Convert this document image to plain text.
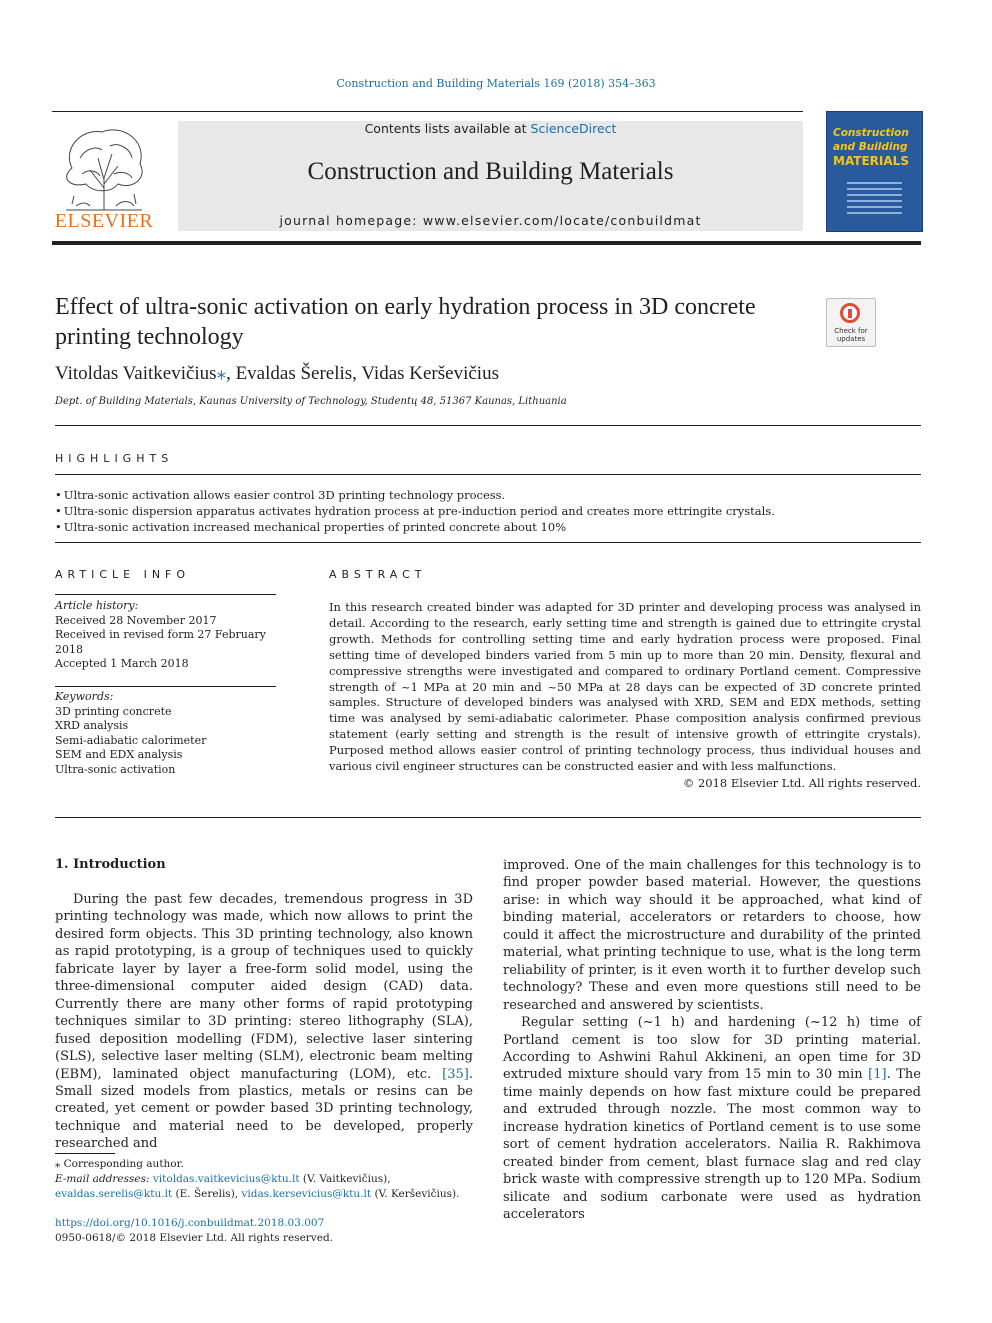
Construction and Building Materials 169 (2018) 354–363
ELSEVIER
Contents lists available at ScienceDirect
Construction and Building Materials
journal homepage: www.elsevier.com/locate/conbuildmat
Construction
and Building
MATERIALS
Effect of ultra-sonic activation on early hydration process in 3D concrete printing technology	Check for updates
Vitoldas Vaitkevičius⁎, Evaldas Šerelis, Vidas Kerševičius
Dept. of Building Materials, Kaunas University of Technology, Studentų 48, 51367 Kaunas, Lithuania
HIGHLIGHTS
• Ultra-sonic activation allows easier control 3D printing technology process.
• Ultra-sonic dispersion apparatus activates hydration process at pre-induction period and creates more ettringite crystals.
• Ultra-sonic activation increased mechanical properties of printed concrete about 10%
ARTICLE INFO	ABSTRACT
Article history:
Received 28 November 2017
Received in revised form 27 February 2018
Accepted 1 March 2018
Keywords:
3D printing concrete
XRD analysis
Semi-adiabatic calorimeter
SEM and EDX analysis
Ultra-sonic activation
In this research created binder was adapted for 3D printer and developing process was analysed in detail. According to the research, early setting time and strength is gained due to ettringite crystal growth. Methods for controlling setting time and early hydration process were proposed. Final setting time of developed binders varied from 5 min up to more than 20 min. Density, flexural and compressive strengths were investigated and compared to ordinary Portland cement. Compressive strength of ~1 MPa at 20 min and ~50 MPa at 28 days can be expected of 3D concrete printed samples. Structure of developed binders was analysed with XRD, SEM and EDX methods, setting time was analysed by semi-adiabatic calorimeter. Phase composition analysis confirmed previous statement (early setting and strength is the result of intensive growth of ettringite crystals). Purposed method allows easier control of printing technology process, thus individual houses and various civil engineer structures can be constructed easier and with less malfunctions.
© 2018 Elsevier Ltd. All rights reserved.
1. Introduction

During the past few decades, tremendous progress in 3D printing technology was made, which now allows to print the desired form objects. This 3D printing technology, also known as rapid prototyping, is a group of techniques used to quickly fabricate layer by layer a free-form solid model, using the three-dimensional computer aided design (CAD) data. Currently there are many other forms of rapid prototyping techniques similar to 3D printing: stereo lithography (SLA), fused deposition modelling (FDM), selective laser sintering (SLS), selective laser melting (SLM), electronic beam melting (EBM), laminated object manufacturing (LOM), etc. [35]. Small sized models from plastics, metals or resins can be created, yet cement or powder based 3D printing technology, technique and material need to be developed, properly researched and

improved. One of the main challenges for this technology is to find proper powder based material. However, the questions arise: in which way should it be approached, what kind of binding material, accelerators or retarders to choose, how could it affect the microstructure and durability of the printed material, what printing technique to use, what is the long term reliability of printer, is it even worth it to further develop such technology? These and even more questions still need to be researched and answered by scientists.

Regular setting (~1 h) and hardening (~12 h) time of Portland cement is too slow for 3D printing material. According to Ashwini Rahul Akkineni, an open time for 3D extruded mixture should vary from 15 min to 30 min [1]. The time mainly depends on how fast mixture could be prepared and extruded through nozzle. The most common way to increase hydration kinetics of Portland cement is to use some sort of cement hydration accelerators. Nailia R. Rakhimova created binder from cement, blast furnace slag and red clay brick waste with compressive strength up to 120 MPa. Sodium silicate and sodium carbonate were used as hydration accelerators

⁎ Corresponding author.
E-mail addresses: vitoldas.vaitkevicius@ktu.lt (V. Vaitkevičius), evaldas.serelis@ktu.lt (E. Šerelis), vidas.kersevicius@ktu.lt (V. Kerševičius).
https://doi.org/10.1016/j.conbuildmat.2018.03.007
0950-0618/© 2018 Elsevier Ltd. All rights reserved.
